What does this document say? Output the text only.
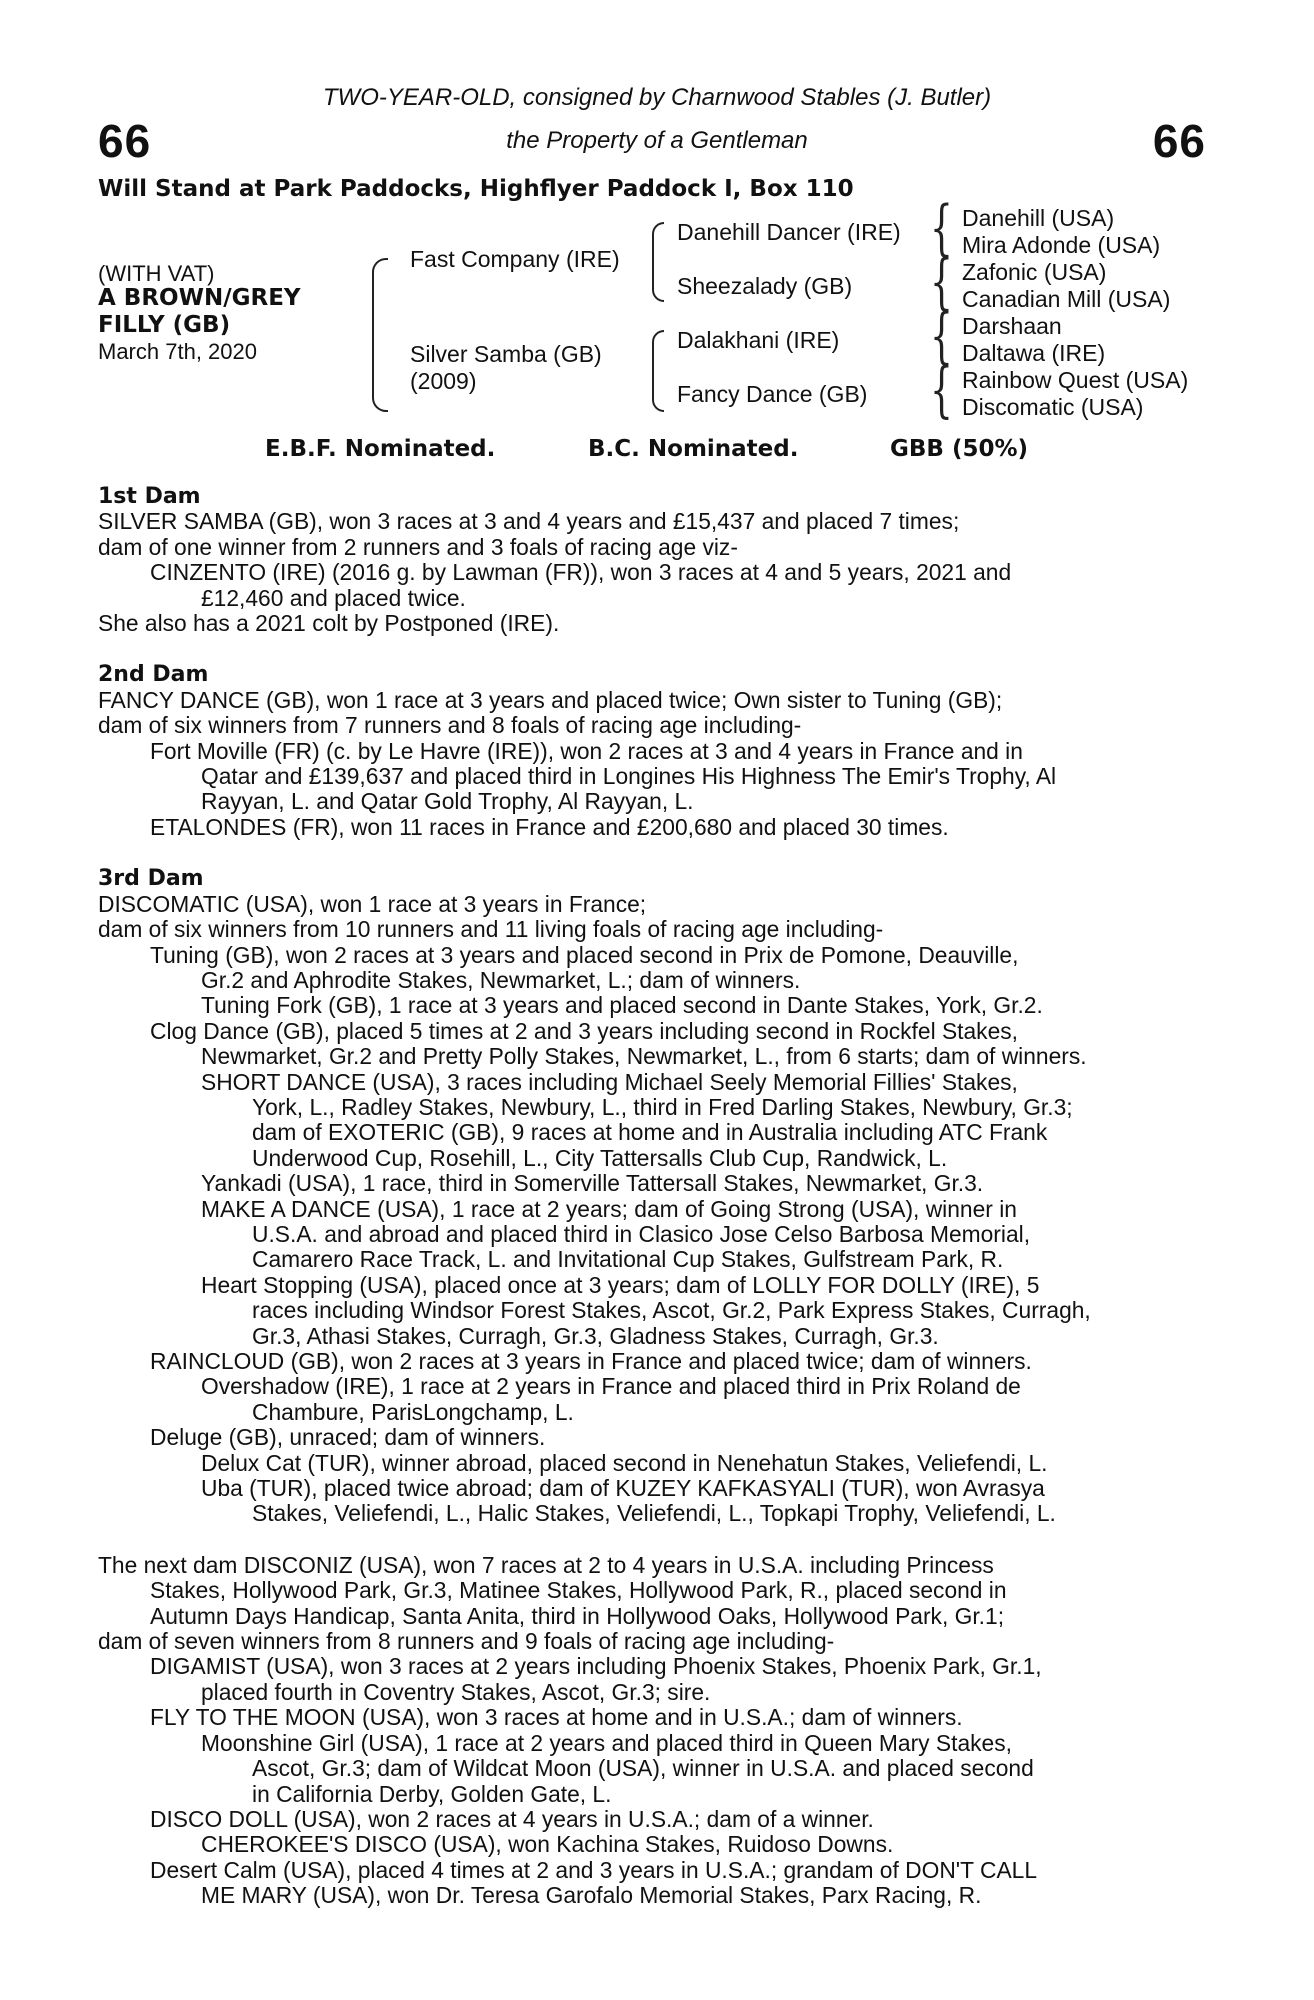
66	66
TWO-YEAR-OLD, consigned by Charnwood Stables (J. Butler)
the Property of a Gentleman
Will Stand at Park Paddocks, Highflyer Paddock I, Box 110
(WITH VAT)
A BROWN/GREY
FILLY (GB)
March 7th, 2020
Fast Company (IRE)
Silver Samba (GB)
(2009)
Danehill Dancer (IRE)
Sheezalady (GB)
Dalakhani (IRE)
Fancy Dance (GB)
{
{
{
{
Danehill (USA)
Mira Adonde (USA)
Zafonic (USA)
Canadian Mill (USA)
Darshaan
Daltawa (IRE)
Rainbow Quest (USA)
Discomatic (USA)
E.B.F. Nominated.	B.C. Nominated.	GBB (50%)
1st Dam

SILVER SAMBA (GB), won 3 races at 3 and 4 years and £15,437 and placed 7 times;

dam of one winner from 2 runners and 3 foals of racing age viz-

CINZENTO (IRE) (2016 g. by Lawman (FR)), won 3 races at 4 and 5 years, 2021 and

£12,460 and placed twice.

She also has a 2021 colt by Postponed (IRE).

2nd Dam

FANCY DANCE (GB), won 1 race at 3 years and placed twice; Own sister to Tuning (GB);

dam of six winners from 7 runners and 8 foals of racing age including-

Fort Moville (FR) (c. by Le Havre (IRE)), won 2 races at 3 and 4 years in France and in

Qatar and £139,637 and placed third in Longines His Highness The Emir's Trophy, Al

Rayyan, L. and Qatar Gold Trophy, Al Rayyan, L.

ETALONDES (FR), won 11 races in France and £200,680 and placed 30 times.

3rd Dam

DISCOMATIC (USA), won 1 race at 3 years in France;

dam of six winners from 10 runners and 11 living foals of racing age including-

Tuning (GB), won 2 races at 3 years and placed second in Prix de Pomone, Deauville,

Gr.2 and Aphrodite Stakes, Newmarket, L.; dam of winners.

Tuning Fork (GB), 1 race at 3 years and placed second in Dante Stakes, York, Gr.2.

Clog Dance (GB), placed 5 times at 2 and 3 years including second in Rockfel Stakes,

Newmarket, Gr.2 and Pretty Polly Stakes, Newmarket, L., from 6 starts; dam of winners.

SHORT DANCE (USA), 3 races including Michael Seely Memorial Fillies' Stakes,

York, L., Radley Stakes, Newbury, L., third in Fred Darling Stakes, Newbury, Gr.3;

dam of EXOTERIC (GB), 9 races at home and in Australia including ATC Frank

Underwood Cup, Rosehill, L., City Tattersalls Club Cup, Randwick, L.

Yankadi (USA), 1 race, third in Somerville Tattersall Stakes, Newmarket, Gr.3.

MAKE A DANCE (USA), 1 race at 2 years; dam of Going Strong (USA), winner in

U.S.A. and abroad and placed third in Clasico Jose Celso Barbosa Memorial,

Camarero Race Track, L. and Invitational Cup Stakes, Gulfstream Park, R.

Heart Stopping (USA), placed once at 3 years; dam of LOLLY FOR DOLLY (IRE), 5

races including Windsor Forest Stakes, Ascot, Gr.2, Park Express Stakes, Curragh,

Gr.3, Athasi Stakes, Curragh, Gr.3, Gladness Stakes, Curragh, Gr.3.

RAINCLOUD (GB), won 2 races at 3 years in France and placed twice; dam of winners.

Overshadow (IRE), 1 race at 2 years in France and placed third in Prix Roland de

Chambure, ParisLongchamp, L.

Deluge (GB), unraced; dam of winners.

Delux Cat (TUR), winner abroad, placed second in Nenehatun Stakes, Veliefendi, L.

Uba (TUR), placed twice abroad; dam of KUZEY KAFKASYALI (TUR), won Avrasya

Stakes, Veliefendi, L., Halic Stakes, Veliefendi, L., Topkapi Trophy, Veliefendi, L.

The next dam DISCONIZ (USA), won 7 races at 2 to 4 years in U.S.A. including Princess

Stakes, Hollywood Park, Gr.3, Matinee Stakes, Hollywood Park, R., placed second in

Autumn Days Handicap, Santa Anita, third in Hollywood Oaks, Hollywood Park, Gr.1;

dam of seven winners from 8 runners and 9 foals of racing age including-

DIGAMIST (USA), won 3 races at 2 years including Phoenix Stakes, Phoenix Park, Gr.1,

placed fourth in Coventry Stakes, Ascot, Gr.3; sire.

FLY TO THE MOON (USA), won 3 races at home and in U.S.A.; dam of winners.

Moonshine Girl (USA), 1 race at 2 years and placed third in Queen Mary Stakes,

Ascot, Gr.3; dam of Wildcat Moon (USA), winner in U.S.A. and placed second

in California Derby, Golden Gate, L.

DISCO DOLL (USA), won 2 races at 4 years in U.S.A.; dam of a winner.

CHEROKEE'S DISCO (USA), won Kachina Stakes, Ruidoso Downs.

Desert Calm (USA), placed 4 times at 2 and 3 years in U.S.A.; grandam of DON'T CALL

ME MARY (USA), won Dr. Teresa Garofalo Memorial Stakes, Parx Racing, R.
